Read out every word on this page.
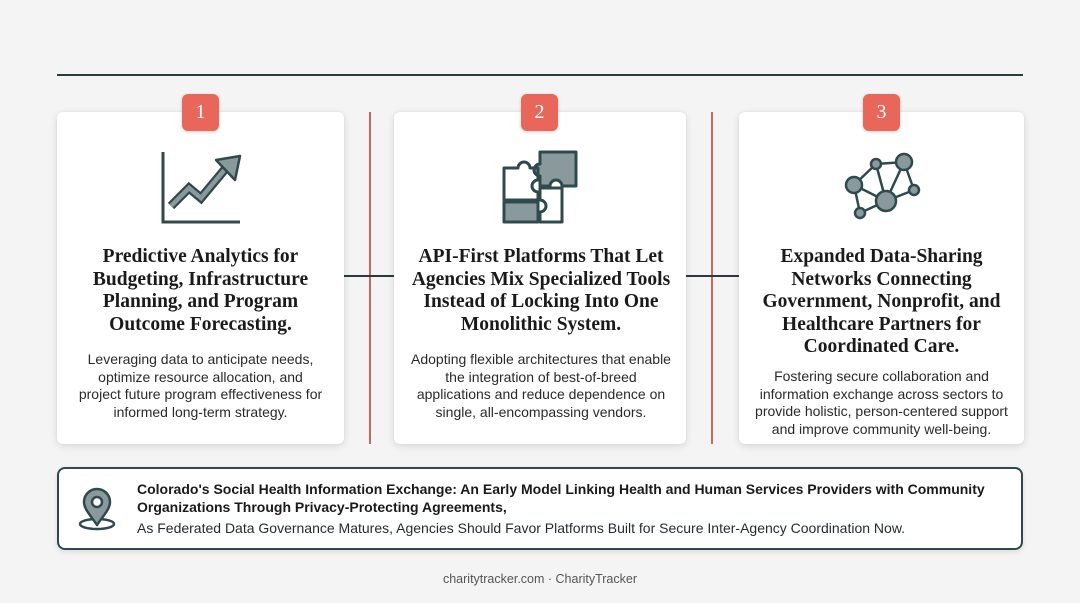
1
Predictive Analytics for Budgeting, Infrastructure Planning, and Program Outcome Forecasting.
Leveraging data to anticipate needs, optimize resource allocation, and project future program effectiveness for informed long-term strategy.
2
API-First Platforms That Let Agencies Mix Specialized Tools Instead of Locking Into One Monolithic System.
Adopting flexible architectures that enable the integration of best-of-breed applications and reduce dependence on single, all-encompassing vendors.
3
Expanded Data-Sharing Networks Connecting Government, Nonprofit, and Healthcare Partners for Coordinated Care.
Fostering secure collaboration and information exchange across sectors to provide holistic, person-centered support and improve community well-being.
Colorado's Social Health Information Exchange: An Early Model Linking Health and Human Services Providers with Community Organizations Through Privacy-Protecting Agreements,
As Federated Data Governance Matures, Agencies Should Favor Platforms Built for Secure Inter-Agency Coordination Now.
charitytracker.com · CharityTracker
